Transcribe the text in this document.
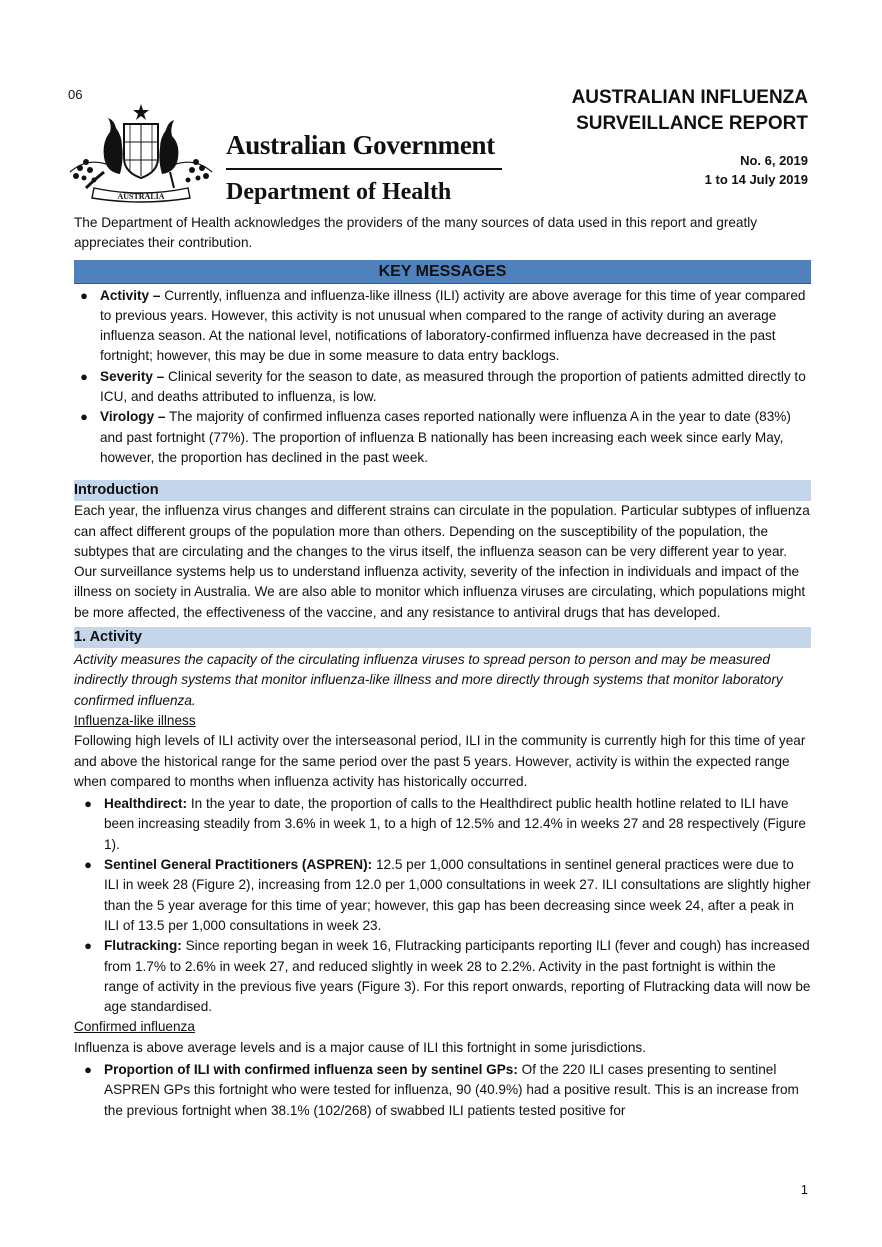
06
AUSTRALIA
Australian Government
Department of Health
AUSTRALIAN INFLUENZA
SURVEILLANCE REPORT
No. 6, 2019
1 to 14 July 2019

The Department of Health acknowledges the providers of the many sources of data used in this report and greatly appreciates their contribution.

KEY MESSAGES
● Activity – Currently, influenza and influenza-like illness (ILI) activity are above average for this time of year compared to previous years. However, this activity is not unusual when compared to the range of activity during an average influenza season. At the national level, notifications of laboratory-confirmed influenza have decreased in the past fortnight; however, this may be due in some measure to data entry backlogs.
● Severity – Clinical severity for the season to date, as measured through the proportion of patients admitted directly to ICU, and deaths attributed to influenza, is low.
● Virology – The majority of confirmed influenza cases reported nationally were influenza A in the year to date (83%) and past fortnight (77%). The proportion of influenza B nationally has been increasing each week since early May, however, the proportion has declined in the past week.
Introduction

Each year, the influenza virus changes and different strains can circulate in the population. Particular subtypes of influenza can affect different groups of the population more than others. Depending on the susceptibility of the population, the subtypes that are circulating and the changes to the virus itself, the influenza season can be very different year to year. Our surveillance systems help us to understand influenza activity, severity of the infection in individuals and impact of the illness on society in Australia. We are also able to monitor which influenza viruses are circulating, which populations might be more affected, the effectiveness of the vaccine, and any resistance to antiviral drugs that has developed.

1. Activity

Activity measures the capacity of the circulating influenza viruses to spread person to person and may be measured indirectly through systems that monitor influenza-like illness and more directly through systems that monitor laboratory confirmed influenza.

Influenza-like illness

Following high levels of ILI activity over the interseasonal period, ILI in the community is currently high for this time of year and above the historical range for the same period over the past 5 years. However, activity is within the expected range when compared to months when influenza activity has historically occurred.

● Healthdirect: In the year to date, the proportion of calls to the Healthdirect public health hotline related to ILI have been increasing steadily from 3.6% in week 1, to a high of 12.5% and 12.4% in weeks 27 and 28 respectively (Figure 1).
● Sentinel General Practitioners (ASPREN): 12.5 per 1,000 consultations in sentinel general practices were due to ILI in week 28 (Figure 2), increasing from 12.0 per 1,000 consultations in week 27. ILI consultations are slightly higher than the 5 year average for this time of year; however, this gap has been decreasing since week 24, after a peak in ILI of 13.5 per 1,000 consultations in week 23.
● Flutracking: Since reporting began in week 16, Flutracking participants reporting ILI (fever and cough) has increased from 1.7% to 2.6% in week 27, and reduced slightly in week 28 to 2.2%. Activity in the past fortnight is within the range of activity in the previous five years (Figure 3). For this report onwards, reporting of Flutracking data will now be age standardised.

Confirmed influenza

Influenza is above average levels and is a major cause of ILI this fortnight in some jurisdictions.

● Proportion of ILI with confirmed influenza seen by sentinel GPs: Of the 220 ILI cases presenting to sentinel ASPREN GPs this fortnight who were tested for influenza, 90 (40.9%) had a positive result. This is an increase from the previous fortnight when 38.1% (102/268) of swabbed ILI patients tested positive for
1
